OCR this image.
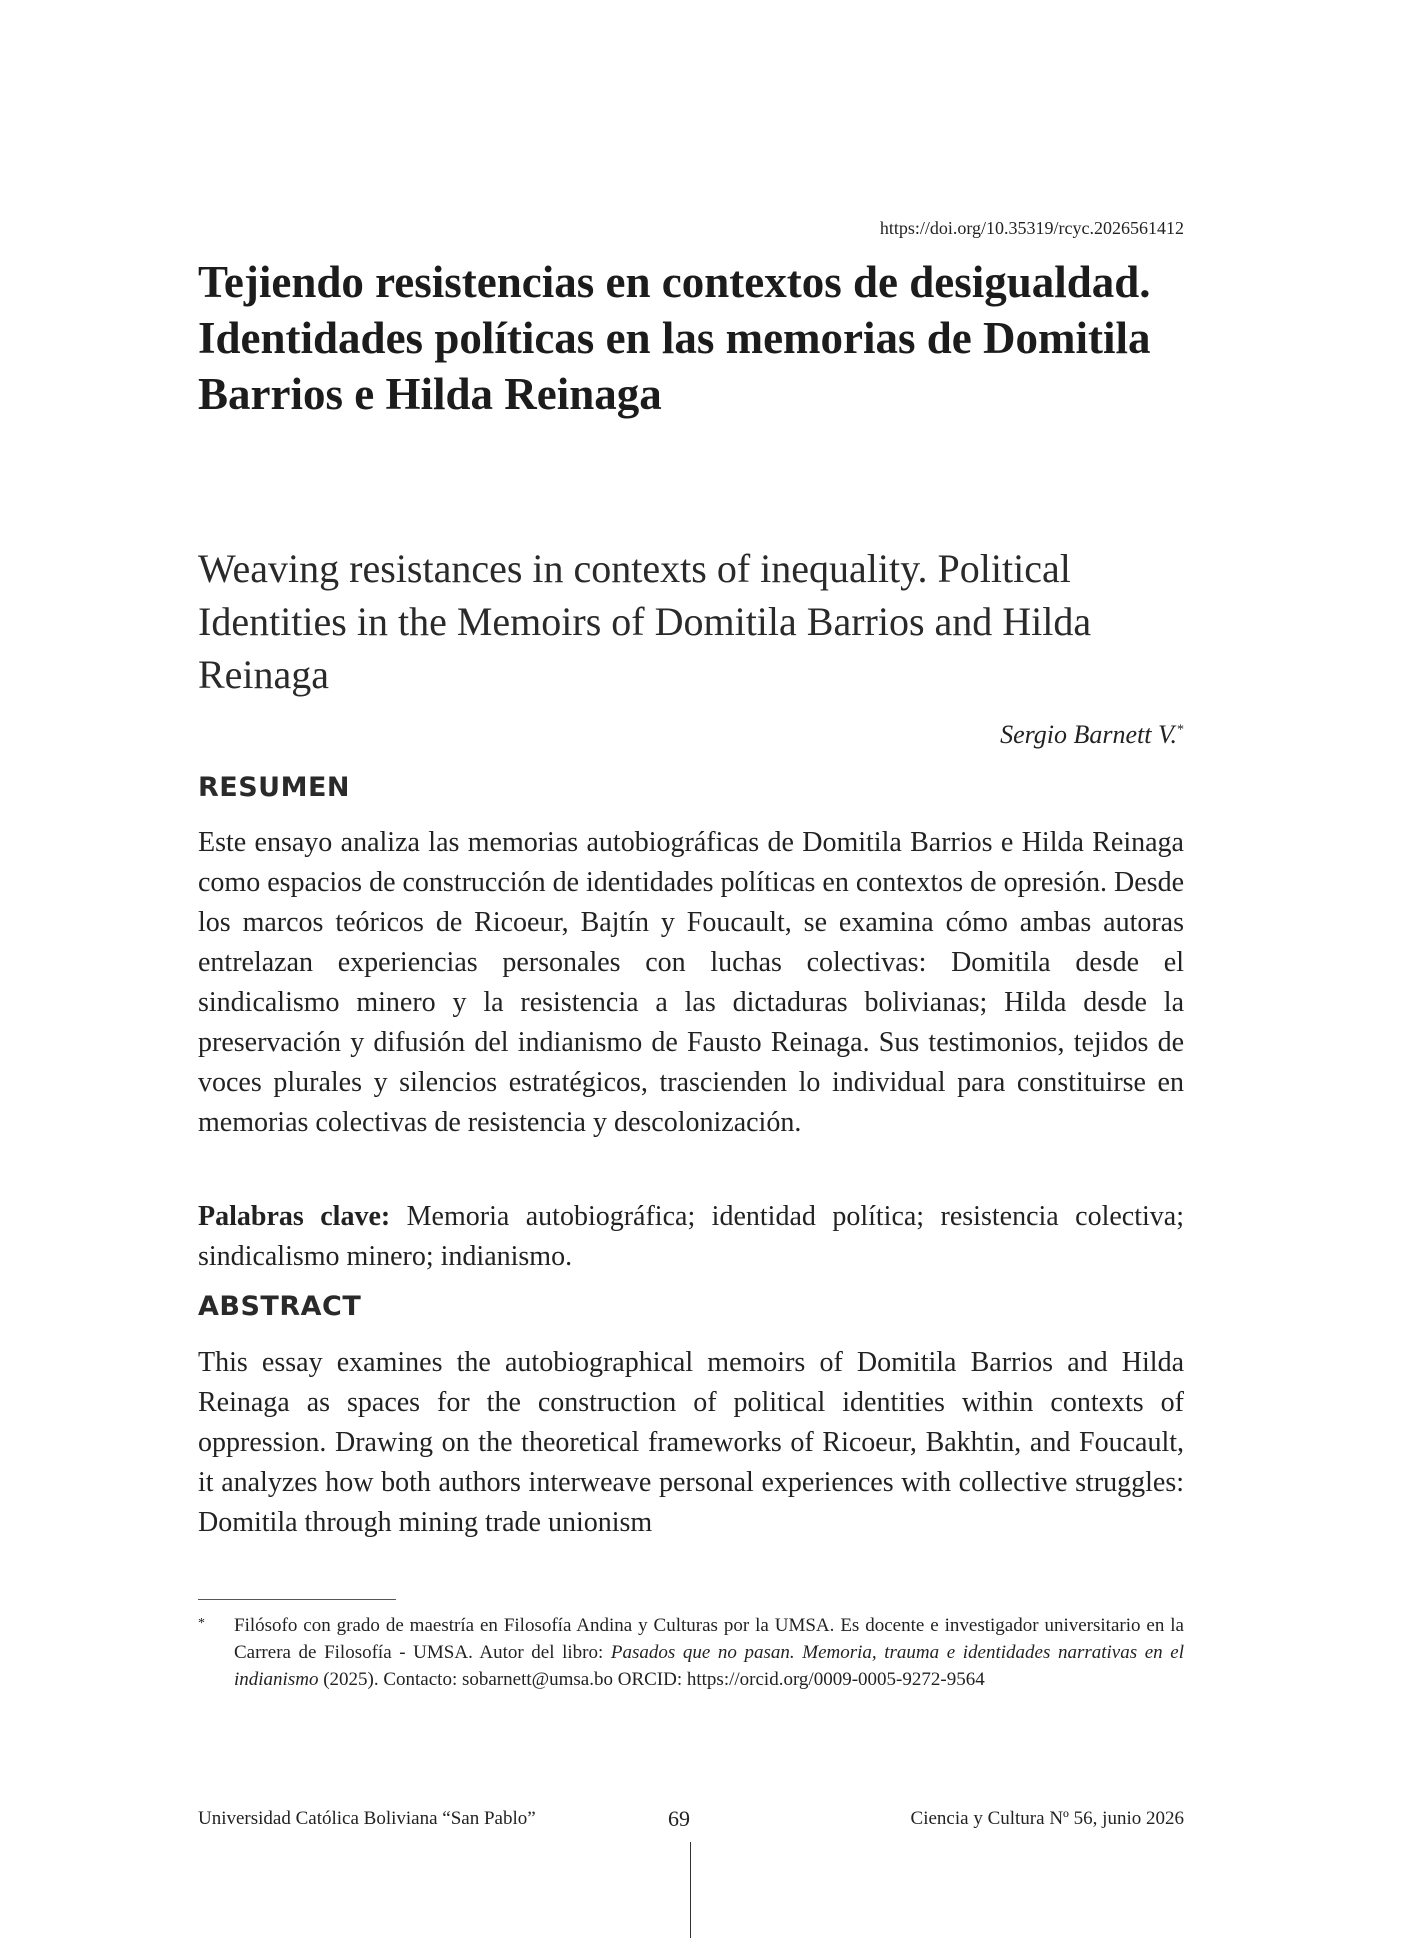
https://doi.org/10.35319/rcyc.2026561412
Tejiendo resistencias en contextos de desigualdad. Identidades políticas en las memorias de Domitila Barrios e Hilda Reinaga
Weaving resistances in contexts of inequality. Political Identities in the Memoirs of Domitila Barrios and Hilda Reinaga
Sergio Barnett V.*
RESUMEN

Este ensayo analiza las memorias autobiográficas de Domitila Barrios e Hilda Reinaga como espacios de construcción de identidades políticas en contextos de opresión. Desde los marcos teóricos de Ricoeur, Bajtín y Foucault, se examina cómo ambas autoras entrelazan experiencias personales con luchas colectivas: Domitila desde el sindicalismo minero y la resistencia a las dictaduras bolivianas; Hilda desde la preservación y difusión del indianismo de Fausto Reinaga. Sus testimonios, tejidos de voces plurales y silencios estratégicos, trascienden lo individual para constituirse en memorias colectivas de resistencia y descolonización.

Palabras clave: Memoria autobiográfica; identidad política; resistencia colectiva; sindicalismo minero; indianismo.

ABSTRACT

This essay examines the autobiographical memoirs of Domitila Barrios and Hilda Reinaga as spaces for the construction of political identities within contexts of oppression. Drawing on the theoretical frameworks of Ricoeur, Bakhtin, and Foucault, it analyzes how both authors interweave personal experiences with collective struggles: Domitila through mining trade unionism

* Filósofo con grado de maestría en Filosofía Andina y Culturas por la UMSA. Es docente e investigador universitario en la Carrera de Filosofía - UMSA. Autor del libro: Pasados que no pasan. Memoria, trauma e identidades narrativas en el indianismo (2025). Contacto: sobarnett@umsa.bo ORCID: https://orcid.org/0009-0005-9272-9564
Universidad Católica Boliviana “San Pablo”	69	Ciencia y Cultura Nº 56, junio 2026
